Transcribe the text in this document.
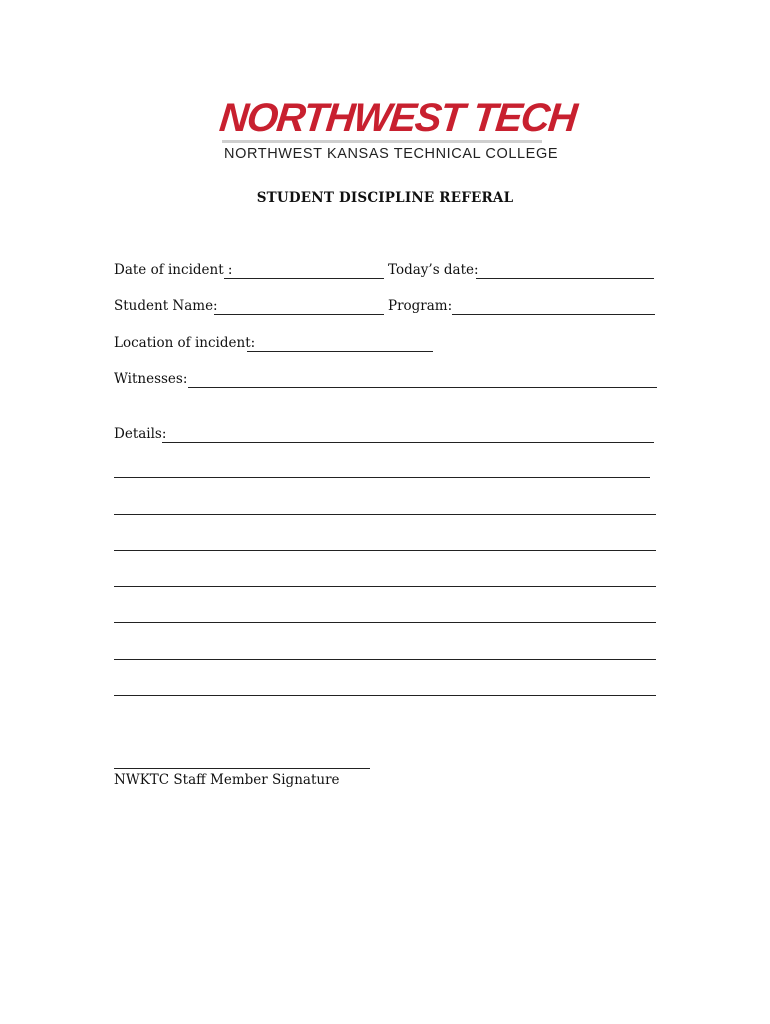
NORTHWEST TECH
NORTHWEST KANSAS TECHNICAL COLLEGE
STUDENT DISCIPLINE REFERAL
Date of incident :	Today’s date:
Student Name:	Program:
Location of incident:
Witnesses:
Details:
NWKTC Staff Member Signature
